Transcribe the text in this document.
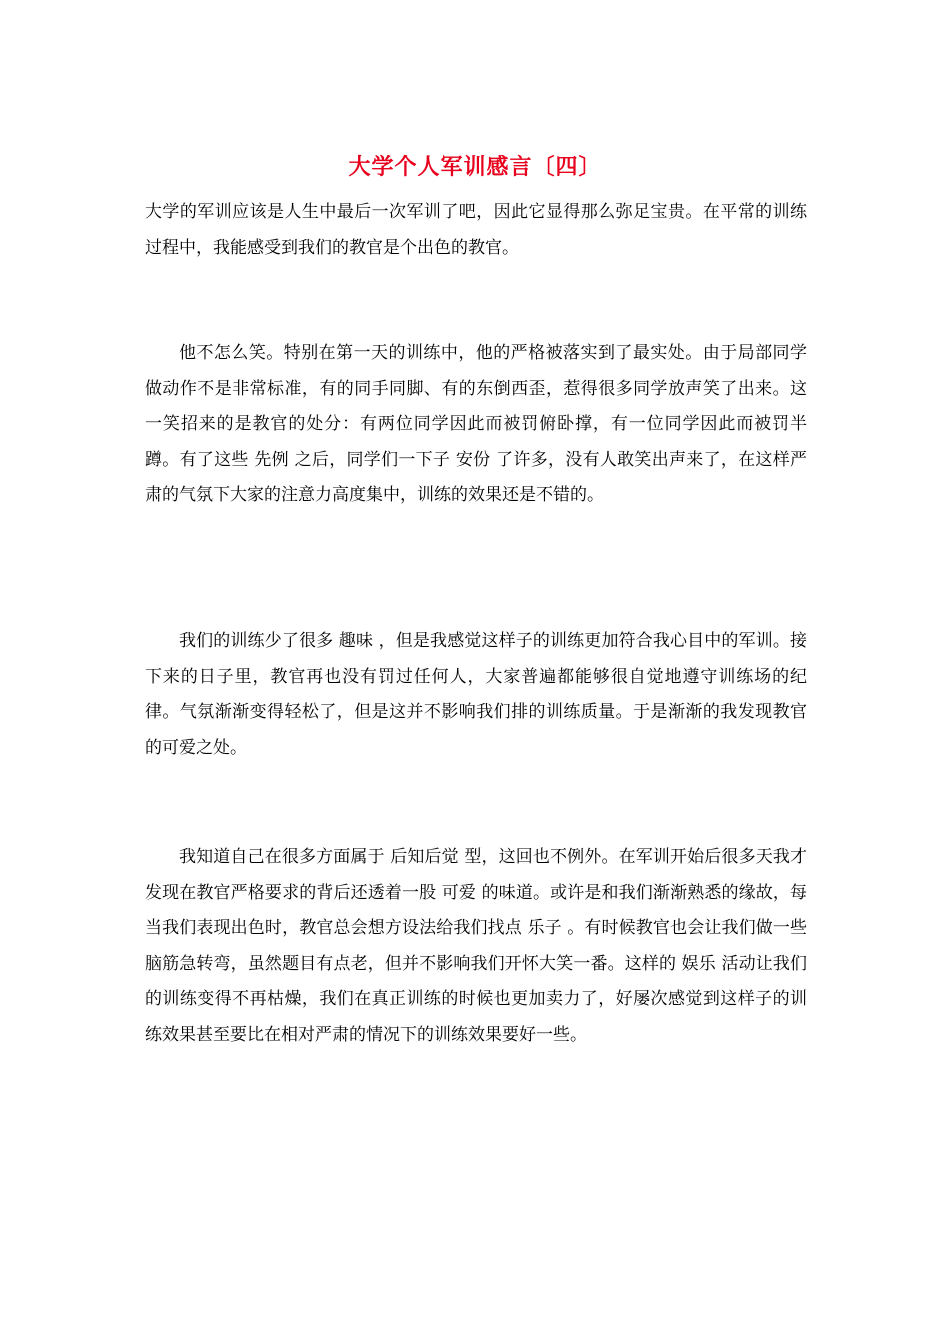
大学个人军训感言〔四〕

大学的军训应该是人生中最后一次军训了吧，因此它显得那么弥足宝贵。在平常的训练过程中，我能感受到我们的教官是个出色的教官。

他不怎么笑。特别在第一天的训练中，他的严格被落实到了最实处。由于局部同学做动作不是非常标准，有的同手同脚、有的东倒西歪，惹得很多同学放声笑了出来。这一笑招来的是教官的处分：有两位同学因此而被罚俯卧撑，有一位同学因此而被罚半蹲。有了这些 先例 之后，同学们一下子 安份 了许多，没有人敢笑出声来了，在这样严肃的气氛下大家的注意力高度集中，训练的效果还是不错的。

我们的训练少了很多 趣味 ，但是我感觉这样子的训练更加符合我心目中的军训。接下来的日子里，教官再也没有罚过任何人，大家普遍都能够很自觉地遵守训练场的纪律。气氛渐渐变得轻松了，但是这并不影响我们排的训练质量。于是渐渐的我发现教官的可爱之处。

我知道自己在很多方面属于 后知后觉 型，这回也不例外。在军训开始后很多天我才发现在教官严格要求的背后还透着一股 可爱 的味道。或许是和我们渐渐熟悉的缘故，每当我们表现出色时，教官总会想方设法给我们找点 乐子 。有时候教官也会让我们做一些脑筋急转弯，虽然题目有点老，但并不影响我们开怀大笑一番。这样的 娱乐 活动让我们的训练变得不再枯燥，我们在真正训练的时候也更加卖力了，好屡次感觉到这样子的训练效果甚至要比在相对严肃的情况下的训练效果要好一些。
